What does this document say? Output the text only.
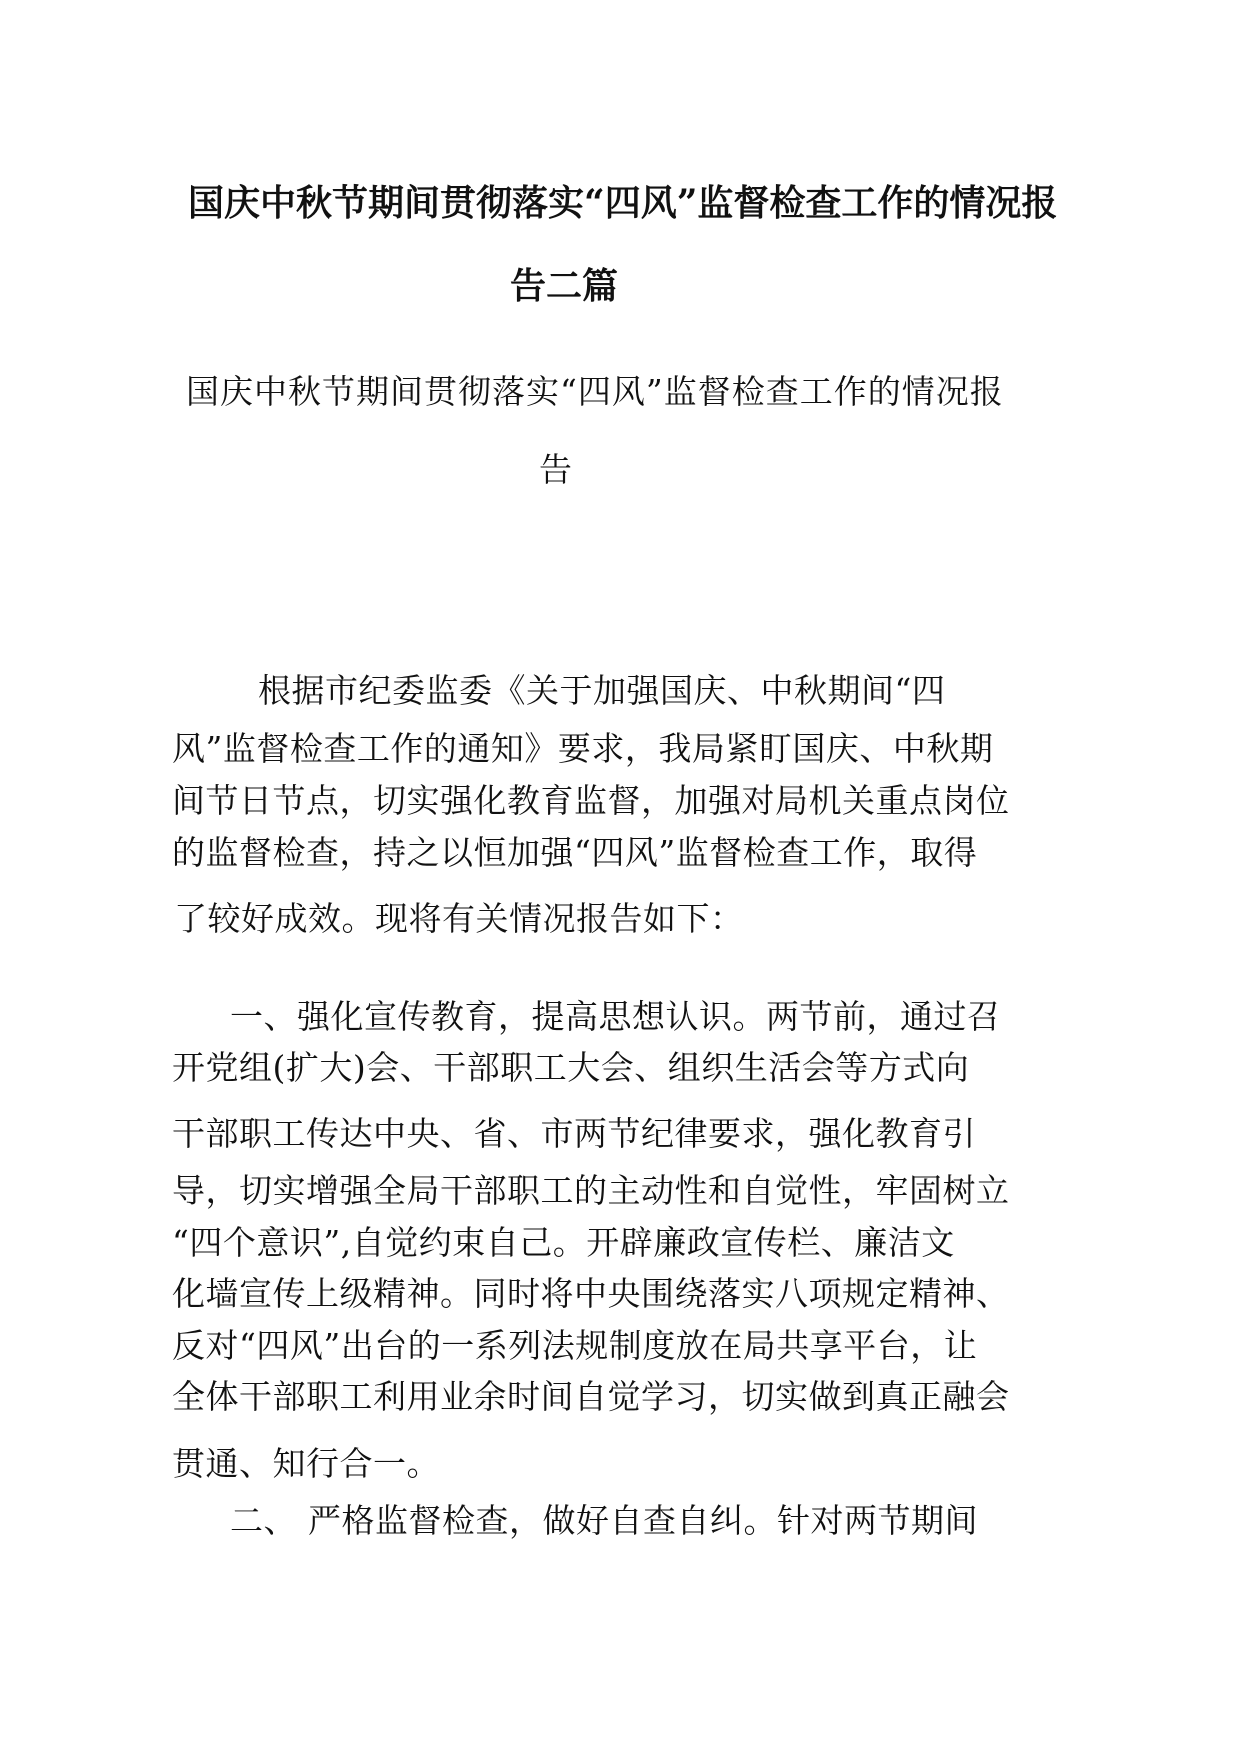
国庆中秋节期间贯彻落实“四风”监督检查工作的情况报
告二篇
国庆中秋节期间贯彻落实“四风”监督检查工作的情况报
告
根据市纪委监委《关于加强国庆、中秋期间“四
风”监督检查工作的通知》要求，我局紧盯国庆、中秋期
间节日节点，切实强化教育监督，加强对局机关重点岗位
的监督检查，持之以恒加强“四风”监督检查工作，取得
了较好成效。现将有关情况报告如下：
一、强化宣传教育，提高思想认识。两节前，通过召
开党组(扩大)会、干部职工大会、组织生活会等方式向
干部职工传达中央、省、市两节纪律要求，强化教育引
导，切实增强全局干部职工的主动性和自觉性，牢固树立
“四个意识”,自觉约束自己。开辟廉政宣传栏、廉洁文
化墙宣传上级精神。同时将中央围绕落实八项规定精神、
反对“四风”出台的一系列法规制度放在局共享平台，让
全体干部职工利用业余时间自觉学习，切实做到真正融会
贯通、知行合一。
二、 严格监督检查，做好自查自纠。针对两节期间
